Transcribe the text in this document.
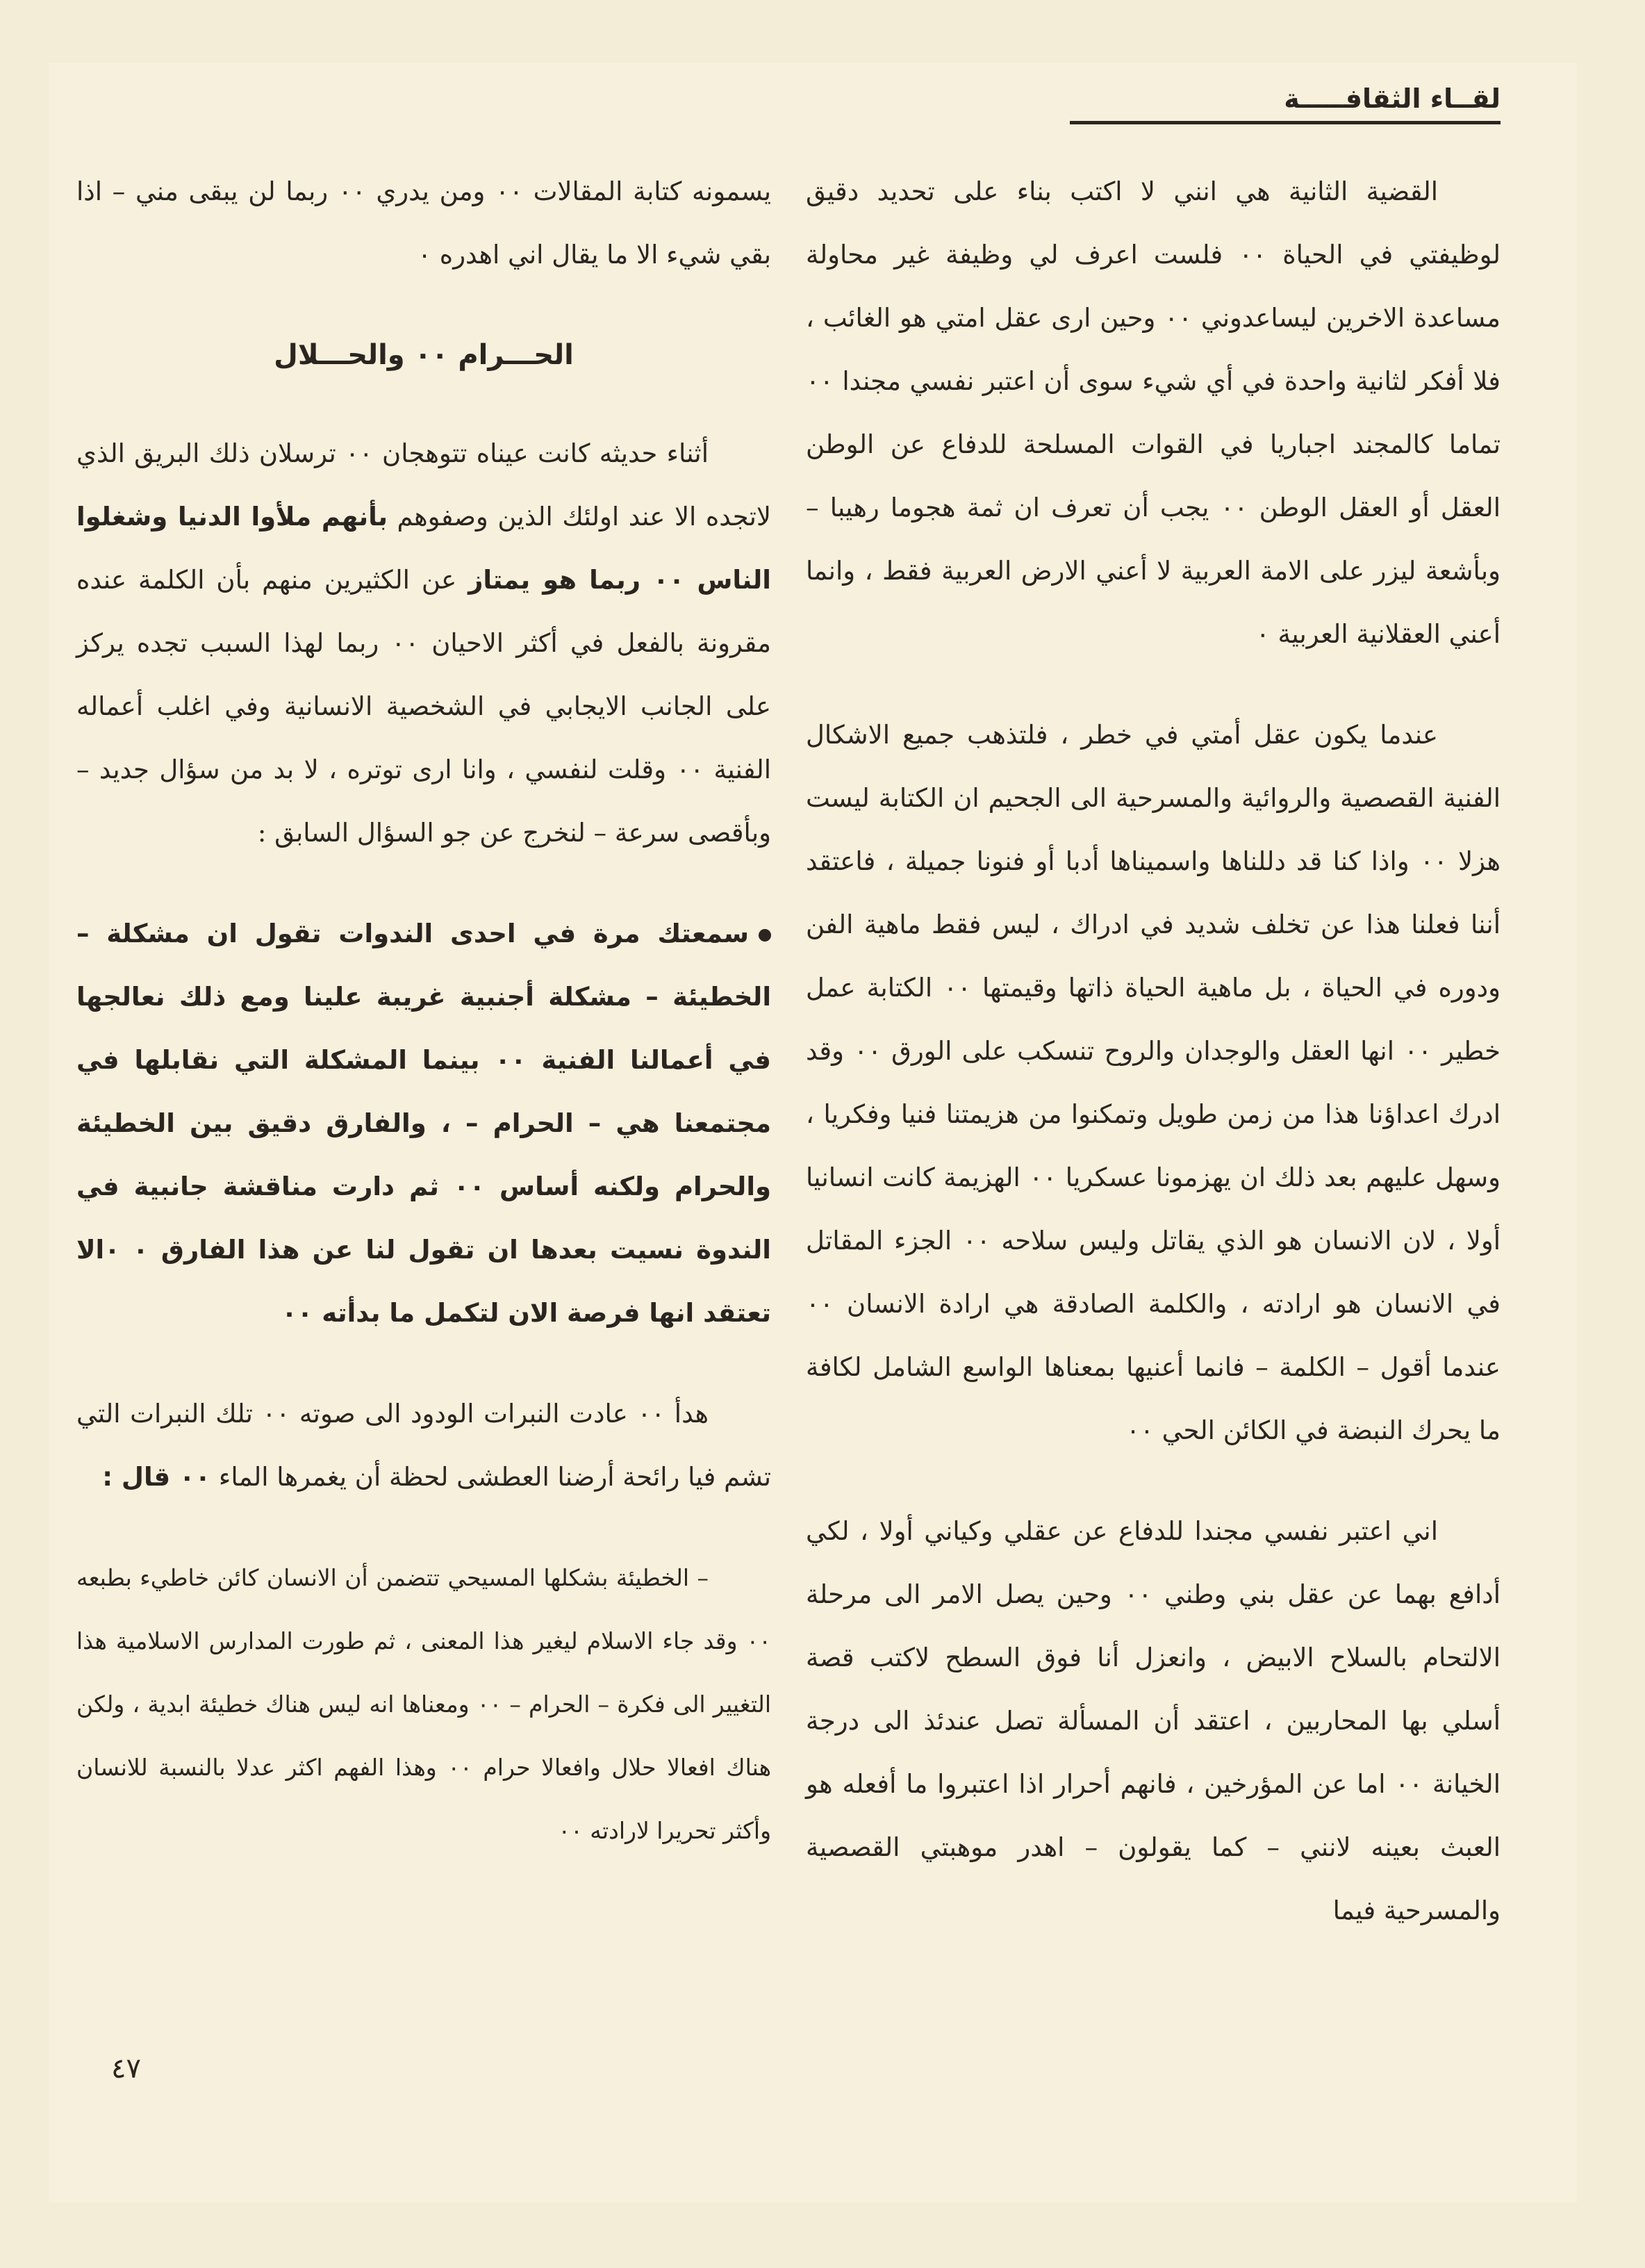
لقــاء الثقافـــــة

القضية الثانية هي انني لا اكتب بناء على تحديد دقيق لوظيفتي في الحياة ٠٠ فلست اعرف لي وظيفة غير محاولة مساعدة الاخرين ليساعدوني ٠٠ وحين ارى عقل امتي هو الغائب ، فلا أفكر لثانية واحدة في أي شيء سوى أن اعتبر نفسي مجندا ٠٠ تماما كالمجند اجباريا في القوات المسلحة للدفاع عن الوطن العقل أو العقل الوطن ٠٠ يجب أن تعرف ان ثمة هجوما رهيبا – وبأشعة ليزر على الامة العربية لا أعني الارض العربية فقط ، وانما أعني العقلانية العربية ٠

عندما يكون عقل أمتي في خطر ، فلتذهب جميع الاشكال الفنية القصصية والروائية والمسرحية الى الجحيم ان الكتابة ليست هزلا ٠٠ واذا كنا قد دللناها واسميناها أدبا أو فنونا جميلة ، فاعتقد أننا فعلنا هذا عن تخلف شديد في ادراك ، ليس فقط ماهية الفن ودوره في الحياة ، بل ماهية الحياة ذاتها وقيمتها ٠٠ الكتابة عمل خطير ٠٠ انها العقل والوجدان والروح تنسكب على الورق ٠٠ وقد ادرك اعداؤنا هذا من زمن طويل وتمكنوا من هزيمتنا فنيا وفكريا ، وسهل عليهم بعد ذلك ان يهزمونا عسكريا ٠٠ الهزيمة كانت انسانيا أولا ، لان الانسان هو الذي يقاتل وليس سلاحه ٠٠ الجزء المقاتل في الانسان هو ارادته ، والكلمة الصادقة هي ارادة الانسان ٠٠ عندما أقول – الكلمة – فانما أعنيها بمعناها الواسع الشامل لكافة ما يحرك النبضة في الكائن الحي ٠٠

اني اعتبر نفسي مجندا للدفاع عن عقلي وكياني أولا ، لكي أدافع بهما عن عقل بني وطني ٠٠ وحين يصل الامر الى مرحلة الالتحام بالسلاح الابيض ، وانعزل أنا فوق السطح لاكتب قصة أسلي بها المحاربين ، اعتقد أن المسألة تصل عندئذ الى درجة الخيانة ٠٠ اما عن المؤرخين ، فانهم أحرار اذا اعتبروا ما أفعله هو العبث بعينه لانني – كما يقولون – اهدر موهبتي القصصية والمسرحية فيما

يسمونه كتابة المقالات ٠٠ ومن يدري ٠٠ ربما لن يبقى مني – اذا بقي شيء الا ما يقال اني اهدره ٠

الحـــرام ٠٠ والحـــلال

أثناء حديثه كانت عيناه تتوهجان ٠٠ ترسلان ذلك البريق الذي لاتجده الا عند اولئك الذين وصفوهم بأنهم ملأوا الدنيا وشغلوا الناس ٠٠ ربما هو يمتاز عن الكثيرين منهم بأن الكلمة عنده مقرونة بالفعل في أكثر الاحيان ٠٠ ربما لهذا السبب تجده يركز على الجانب الايجابي في الشخصية الانسانية وفي اغلب أعماله الفنية ٠٠ وقلت لنفسي ، وانا ارى توتره ، لا بد من سؤال جديد – وبأقصى سرعة – لنخرج عن جو السؤال السابق :

سمعتك مرة في احدى الندوات تقول ان مشكلة – الخطيئة – مشكلة أجنبية غريبة علينا ومع ذلك نعالجها في أعمالنا الفنية ٠٠ بينما المشكلة التي نقابلها في مجتمعنا هي – الحرام – ، والفارق دقيق بين الخطيئة والحرام ولكنه أساس ٠٠ ثم دارت مناقشة جانبية في الندوة نسيت بعدها ان تقول لنا عن هذا الفارق ٠ ٠الا تعتقد انها فرصة الان لتكمل ما بدأته ٠٠

هدأ ٠٠ عادت النبرات الودود الى صوته ٠٠ تلك النبرات التي تشم فيا رائحة أرضنا العطشى لحظة أن يغمرها الماء ٠٠ قال :

– الخطيئة بشكلها المسيحي تتضمن أن الانسان كائن خاطيء بطبعه ٠٠ وقد جاء الاسلام ليغير هذا المعنى ، ثم طورت المدارس الاسلامية هذا التغيير الى فكرة – الحرام – ٠٠ ومعناها انه ليس هناك خطيئة ابدية ، ولكن هناك افعالا حلال وافعالا حرام ٠٠ وهذا الفهم اكثر عدلا بالنسبة للانسان وأكثر تحريرا لارادته ٠٠

٤٧
